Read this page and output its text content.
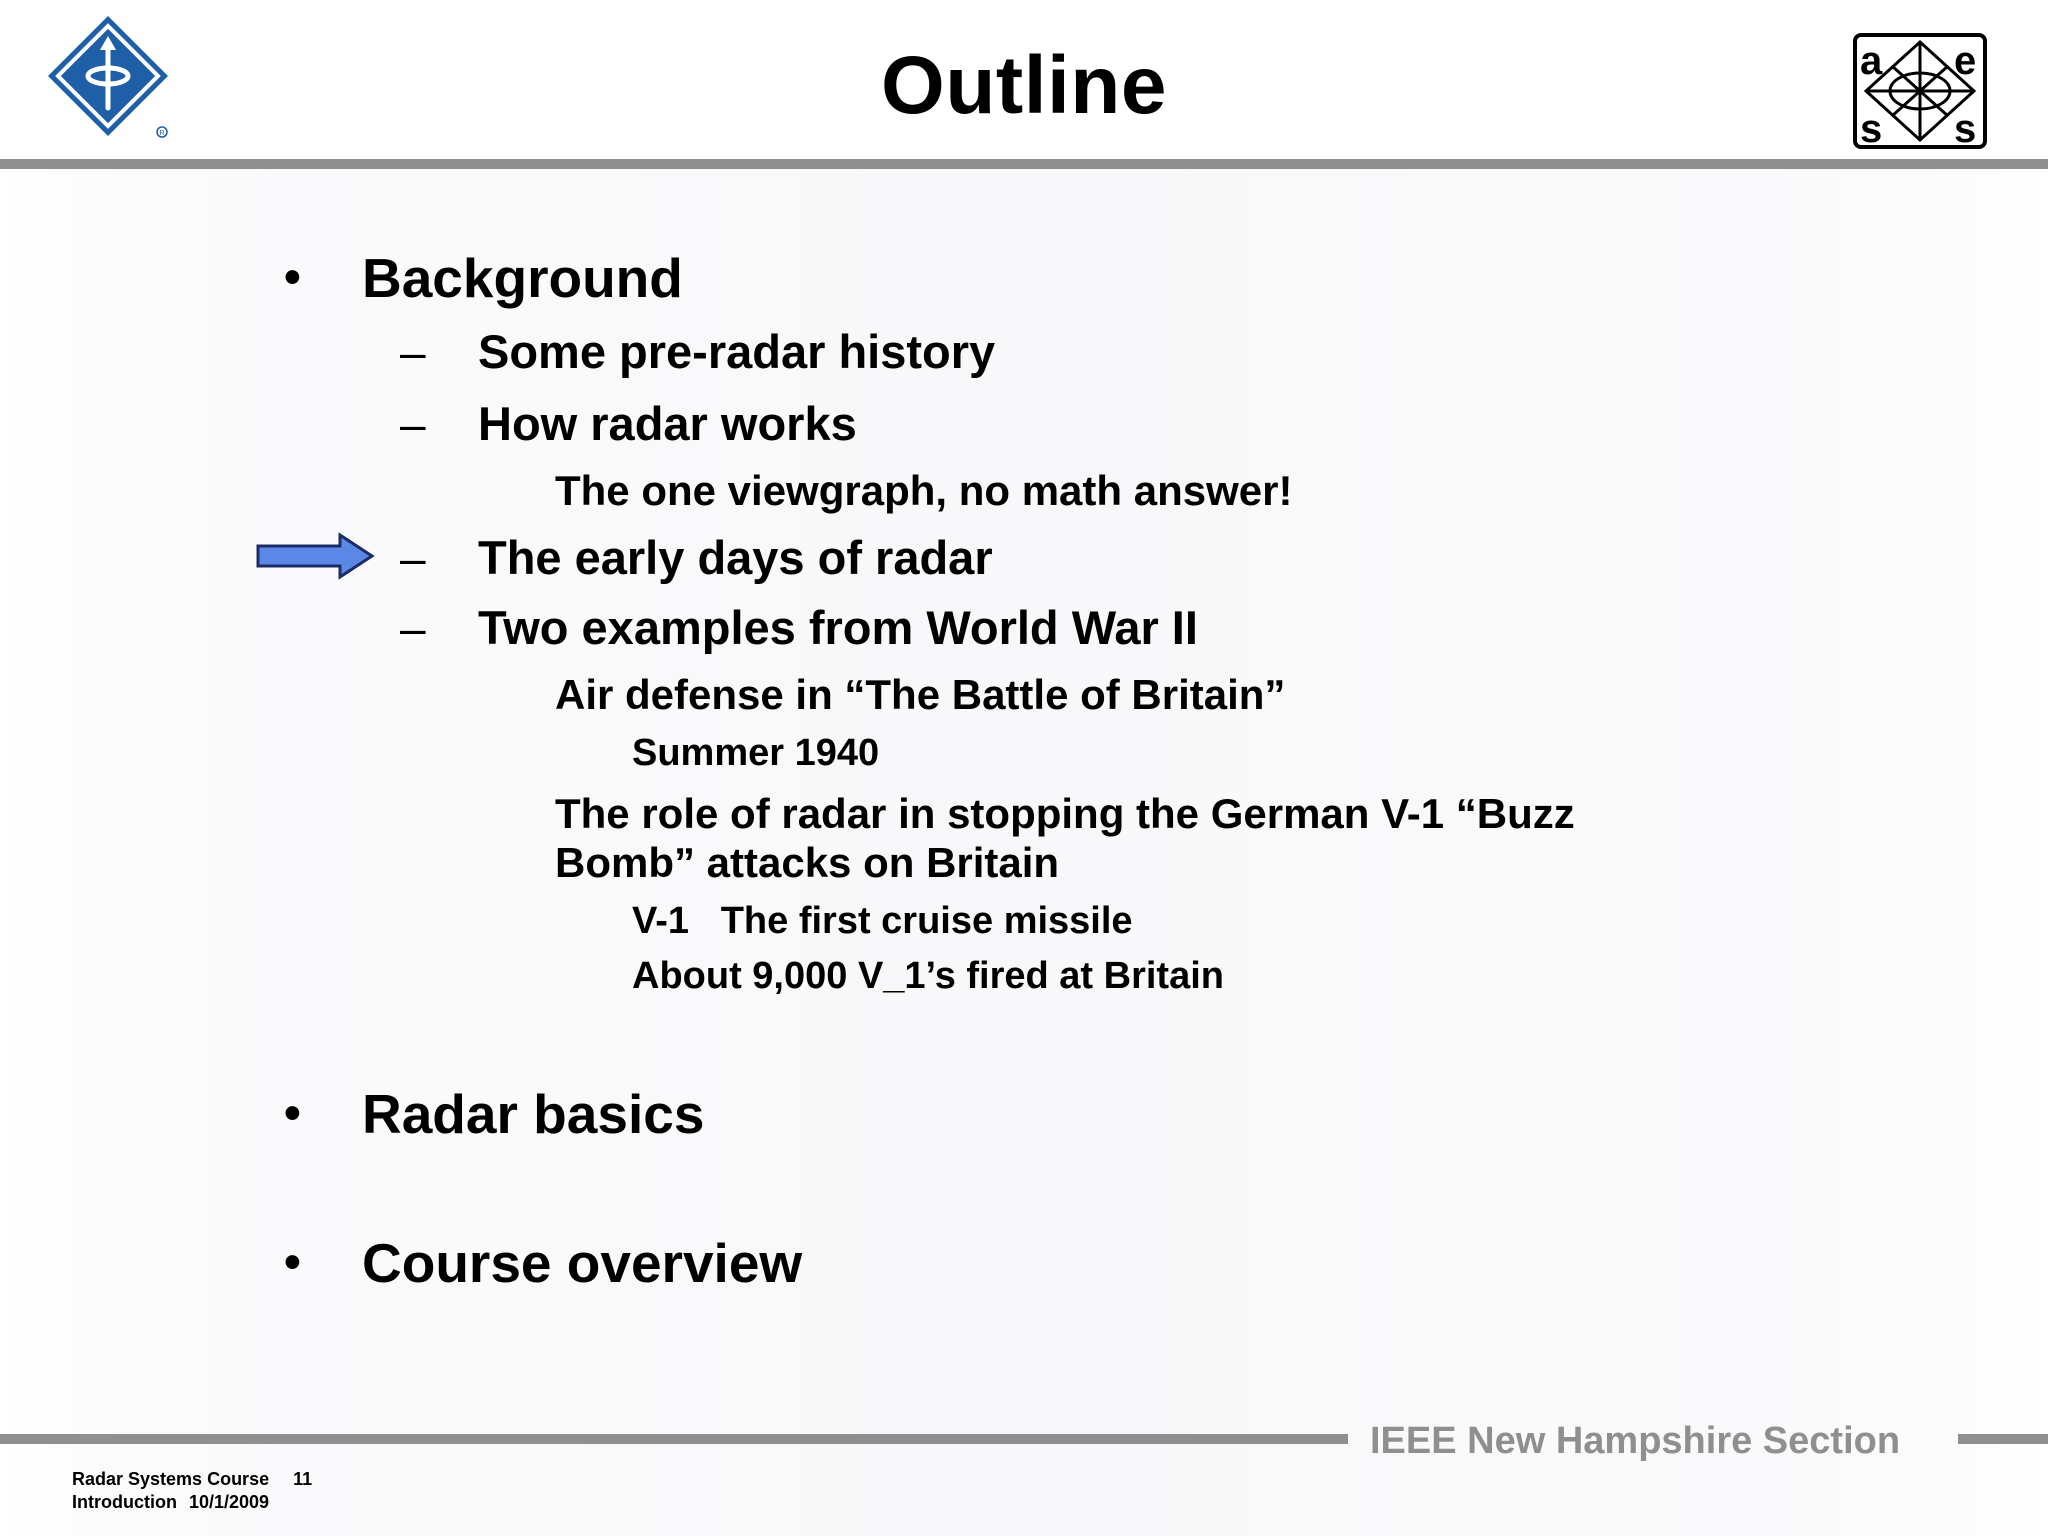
R
Outline	a e
s s
• Background
– Some pre-radar history
– How radar works
The one viewgraph, no math answer!
– The early days of radar
– Two examples from World War II
Air defense in “The Battle of Britain”
Summer 1940
The role of radar in stopping the German V-1 “Buzz
Bomb” attacks on Britain
V-1   The first cruise missile
About 9,000 V_1’s fired at Britain
• Radar basics
• Course overview
IEEE New Hampshire Section
Radar Systems Course 11
Introduction 10/1/2009
